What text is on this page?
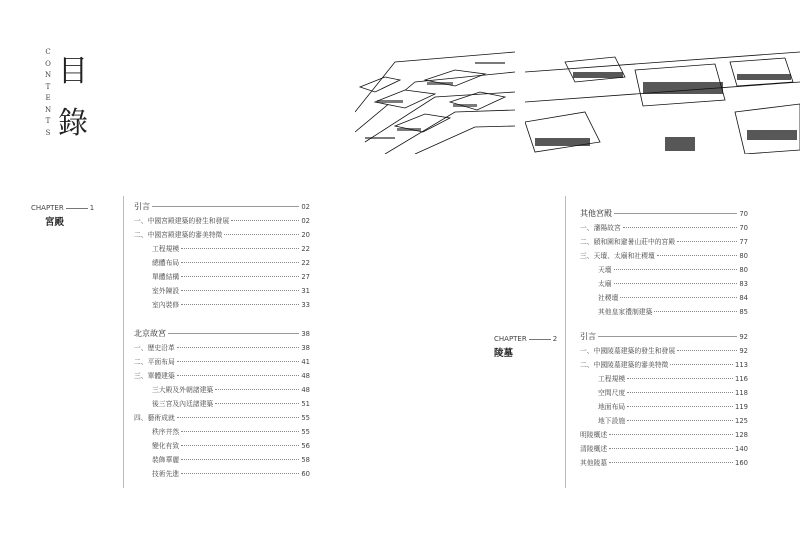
C
O
N
T
E
N
T
S
目
錄
CHAPTER	1
宮殿
CHAPTER	2
陵墓
引言	02
一、中國宮殿建築的發生和發展	02
二、中國宮殿建築的審美特徵	20
工程規模	22
總體布局	22
單體結構	27
室外陳設	31
室內裝修	33
北京故宮	38
一、歷史沿革	38
二、平面布局	41
三、單體建築	48
三大殿及外朝諸建築	48
後三宮及內廷諸建築	51
四、藝術成就	55
秩序井然	55
變化有致	56
裝飾華麗	58
技術先進	60
其他宮殿	70
一、瀋陽故宮	70
二、頤和園和避暑山莊中的宮殿	77
三、天壇、太廟和社稷壇	80
天壇	80
太廟	83
社稷壇	84
其他皇家禮制建築	85
引言	92
一、中國陵墓建築的發生和發展	92
二、中國陵墓建築的審美特徵	113
工程規模	116
空間尺度	118
地面布局	119
地下設施	125
明陵概述	128
清陵概述	140
其他陵墓	160
